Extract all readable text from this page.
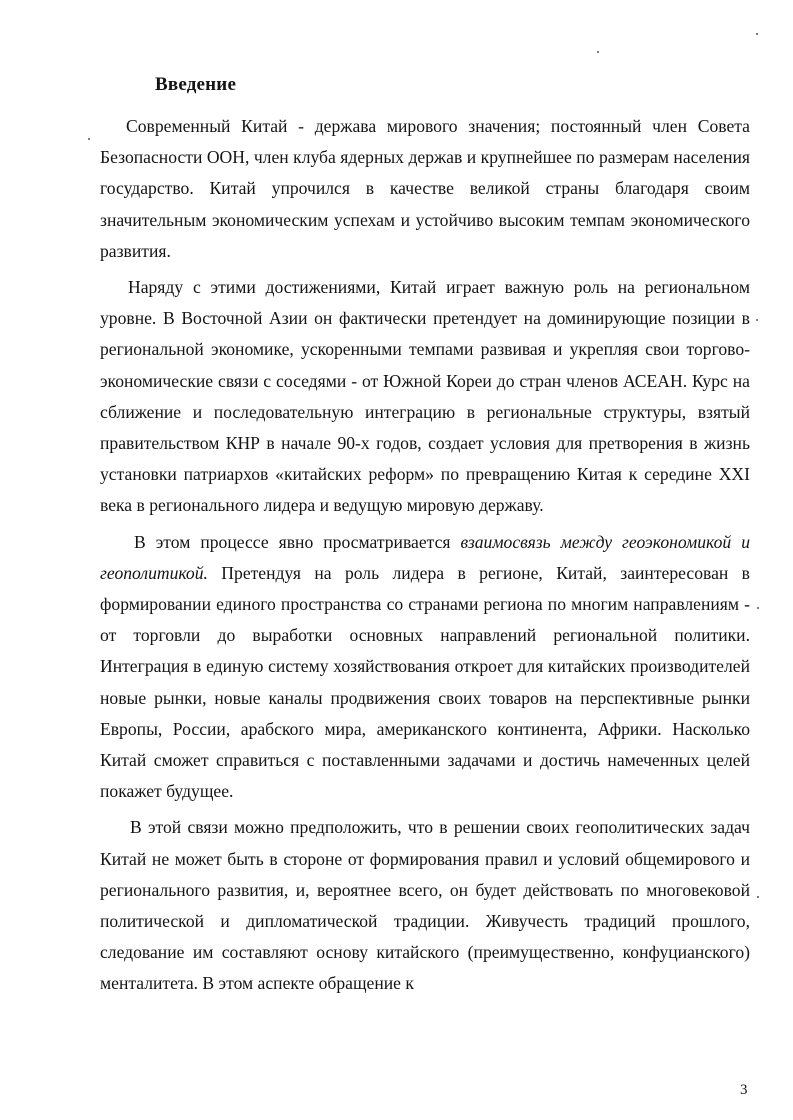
Введение

Современный Китай - держава мирового значения; постоянный член Совета Безопасности ООН, член клуба ядерных держав и крупнейшее по размерам населения государство. Китай упрочился в качестве великой страны благодаря своим значительным экономическим успехам и устойчиво высоким темпам экономического развития.

Наряду с этими достижениями, Китай играет важную роль на региональном уровне. В Восточной Азии он фактически претендует на доминирующие позиции в региональной экономике, ускоренными темпами развивая и укрепляя свои торгово-экономические связи с соседями - от Южной Кореи до стран членов АСЕАН. Курс на сближение и последовательную интеграцию в региональные структуры, взятый правительством КНР в начале 90-х годов, создает условия для претворения в жизнь установки патриархов «китайских реформ» по превращению Китая к середине XXI века в регионального лидера и ведущую мировую державу.

В этом процессе явно просматривается взаимосвязь между геоэкономикой и геополитикой. Претендуя на роль лидера в регионе, Китай, заинтересован в формировании единого пространства со странами региона по многим направлениям - от торговли до выработки основных направлений региональной политики. Интеграция в единую систему хозяйствования откроет для китайских производителей новые рынки, новые каналы продвижения своих товаров на перспективные рынки Европы, России, арабского мира, американского континента, Африки. Насколько Китай сможет справиться с поставленными задачами и достичь намеченных целей покажет будущее.

В этой связи можно предположить, что в решении своих геополитических задач Китай не может быть в стороне от формирования правил и условий общемирового и регионального развития, и, вероятнее всего, он будет действовать по многовековой политической и дипломатической традиции. Живучесть традиций прошлого, следование им составляют основу китайского (преимущественно, конфуцианского) менталитета. В этом аспекте обращение к

3
